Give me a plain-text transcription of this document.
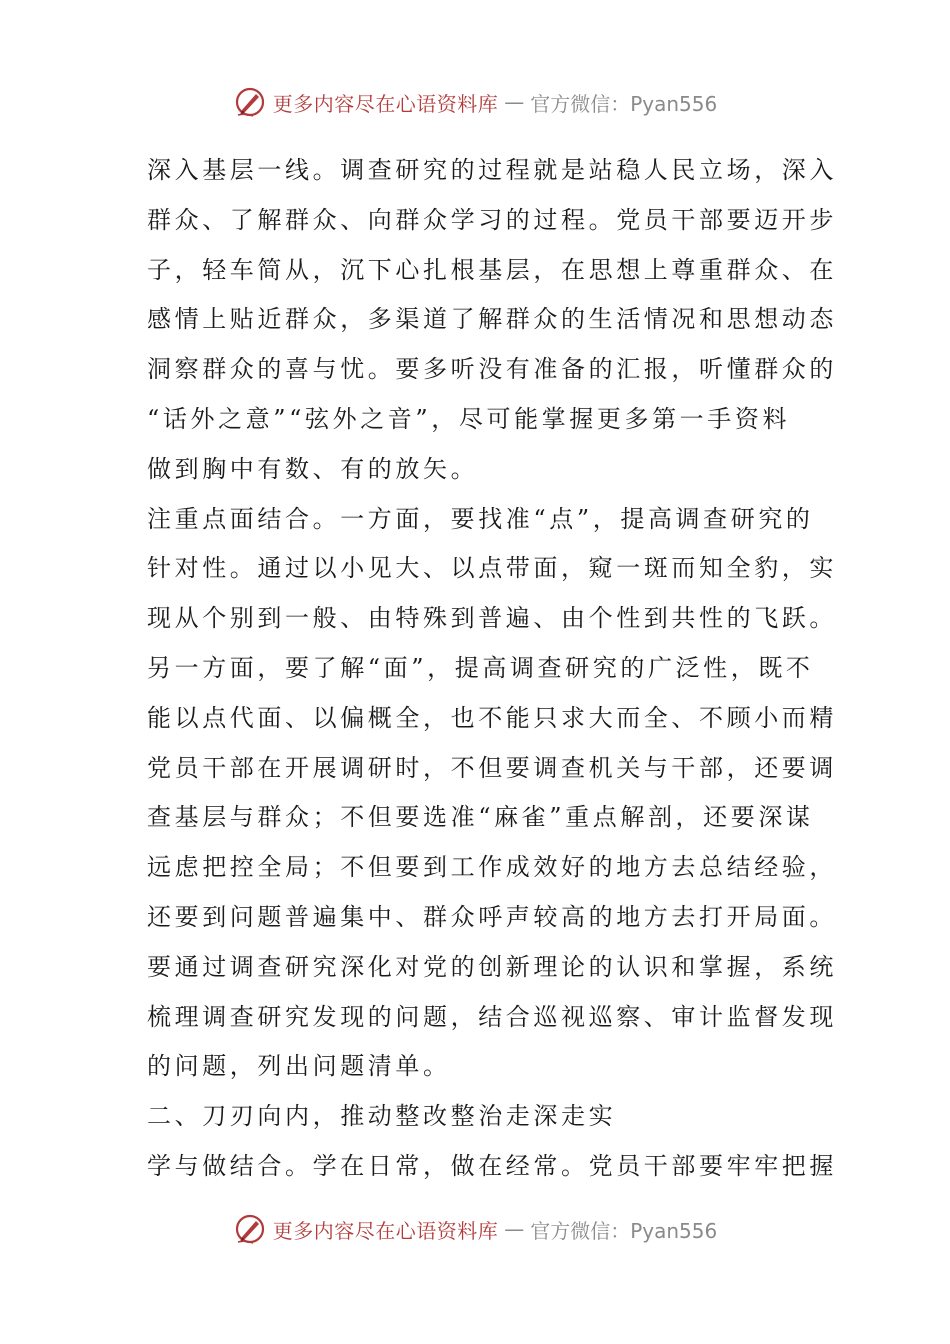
更多内容尽在心语资料库 — 官方微信：Pyan556
深入基层一线。调查研究的过程就是站稳人民立场，深入
群众、了解群众、向群众学习的过程。党员干部要迈开步
子，轻车简从，沉下心扎根基层，在思想上尊重群众、在
感情上贴近群众，多渠道了解群众的生活情况和思想动态
洞察群众的喜与忧。要多听没有准备的汇报，听懂群众的
“话外之意”“弦外之音”，尽可能掌握更多第一手资料
做到胸中有数、有的放矢。
注重点面结合。一方面，要找准“点”，提高调查研究的
针对性。通过以小见大、以点带面，窥一斑而知全豹，实
现从个别到一般、由特殊到普遍、由个性到共性的飞跃。
另一方面，要了解“面”，提高调查研究的广泛性，既不
能以点代面、以偏概全，也不能只求大而全、不顾小而精
党员干部在开展调研时，不但要调查机关与干部，还要调
查基层与群众；不但要选准“麻雀”重点解剖，还要深谋
远虑把控全局；不但要到工作成效好的地方去总结经验，
还要到问题普遍集中、群众呼声较高的地方去打开局面。
要通过调查研究深化对党的创新理论的认识和掌握，系统
梳理调查研究发现的问题，结合巡视巡察、审计监督发现
的问题，列出问题清单。
二、刀刃向内，推动整改整治走深走实
学与做结合。学在日常，做在经常。党员干部要牢牢把握
更多内容尽在心语资料库 — 官方微信：Pyan556
